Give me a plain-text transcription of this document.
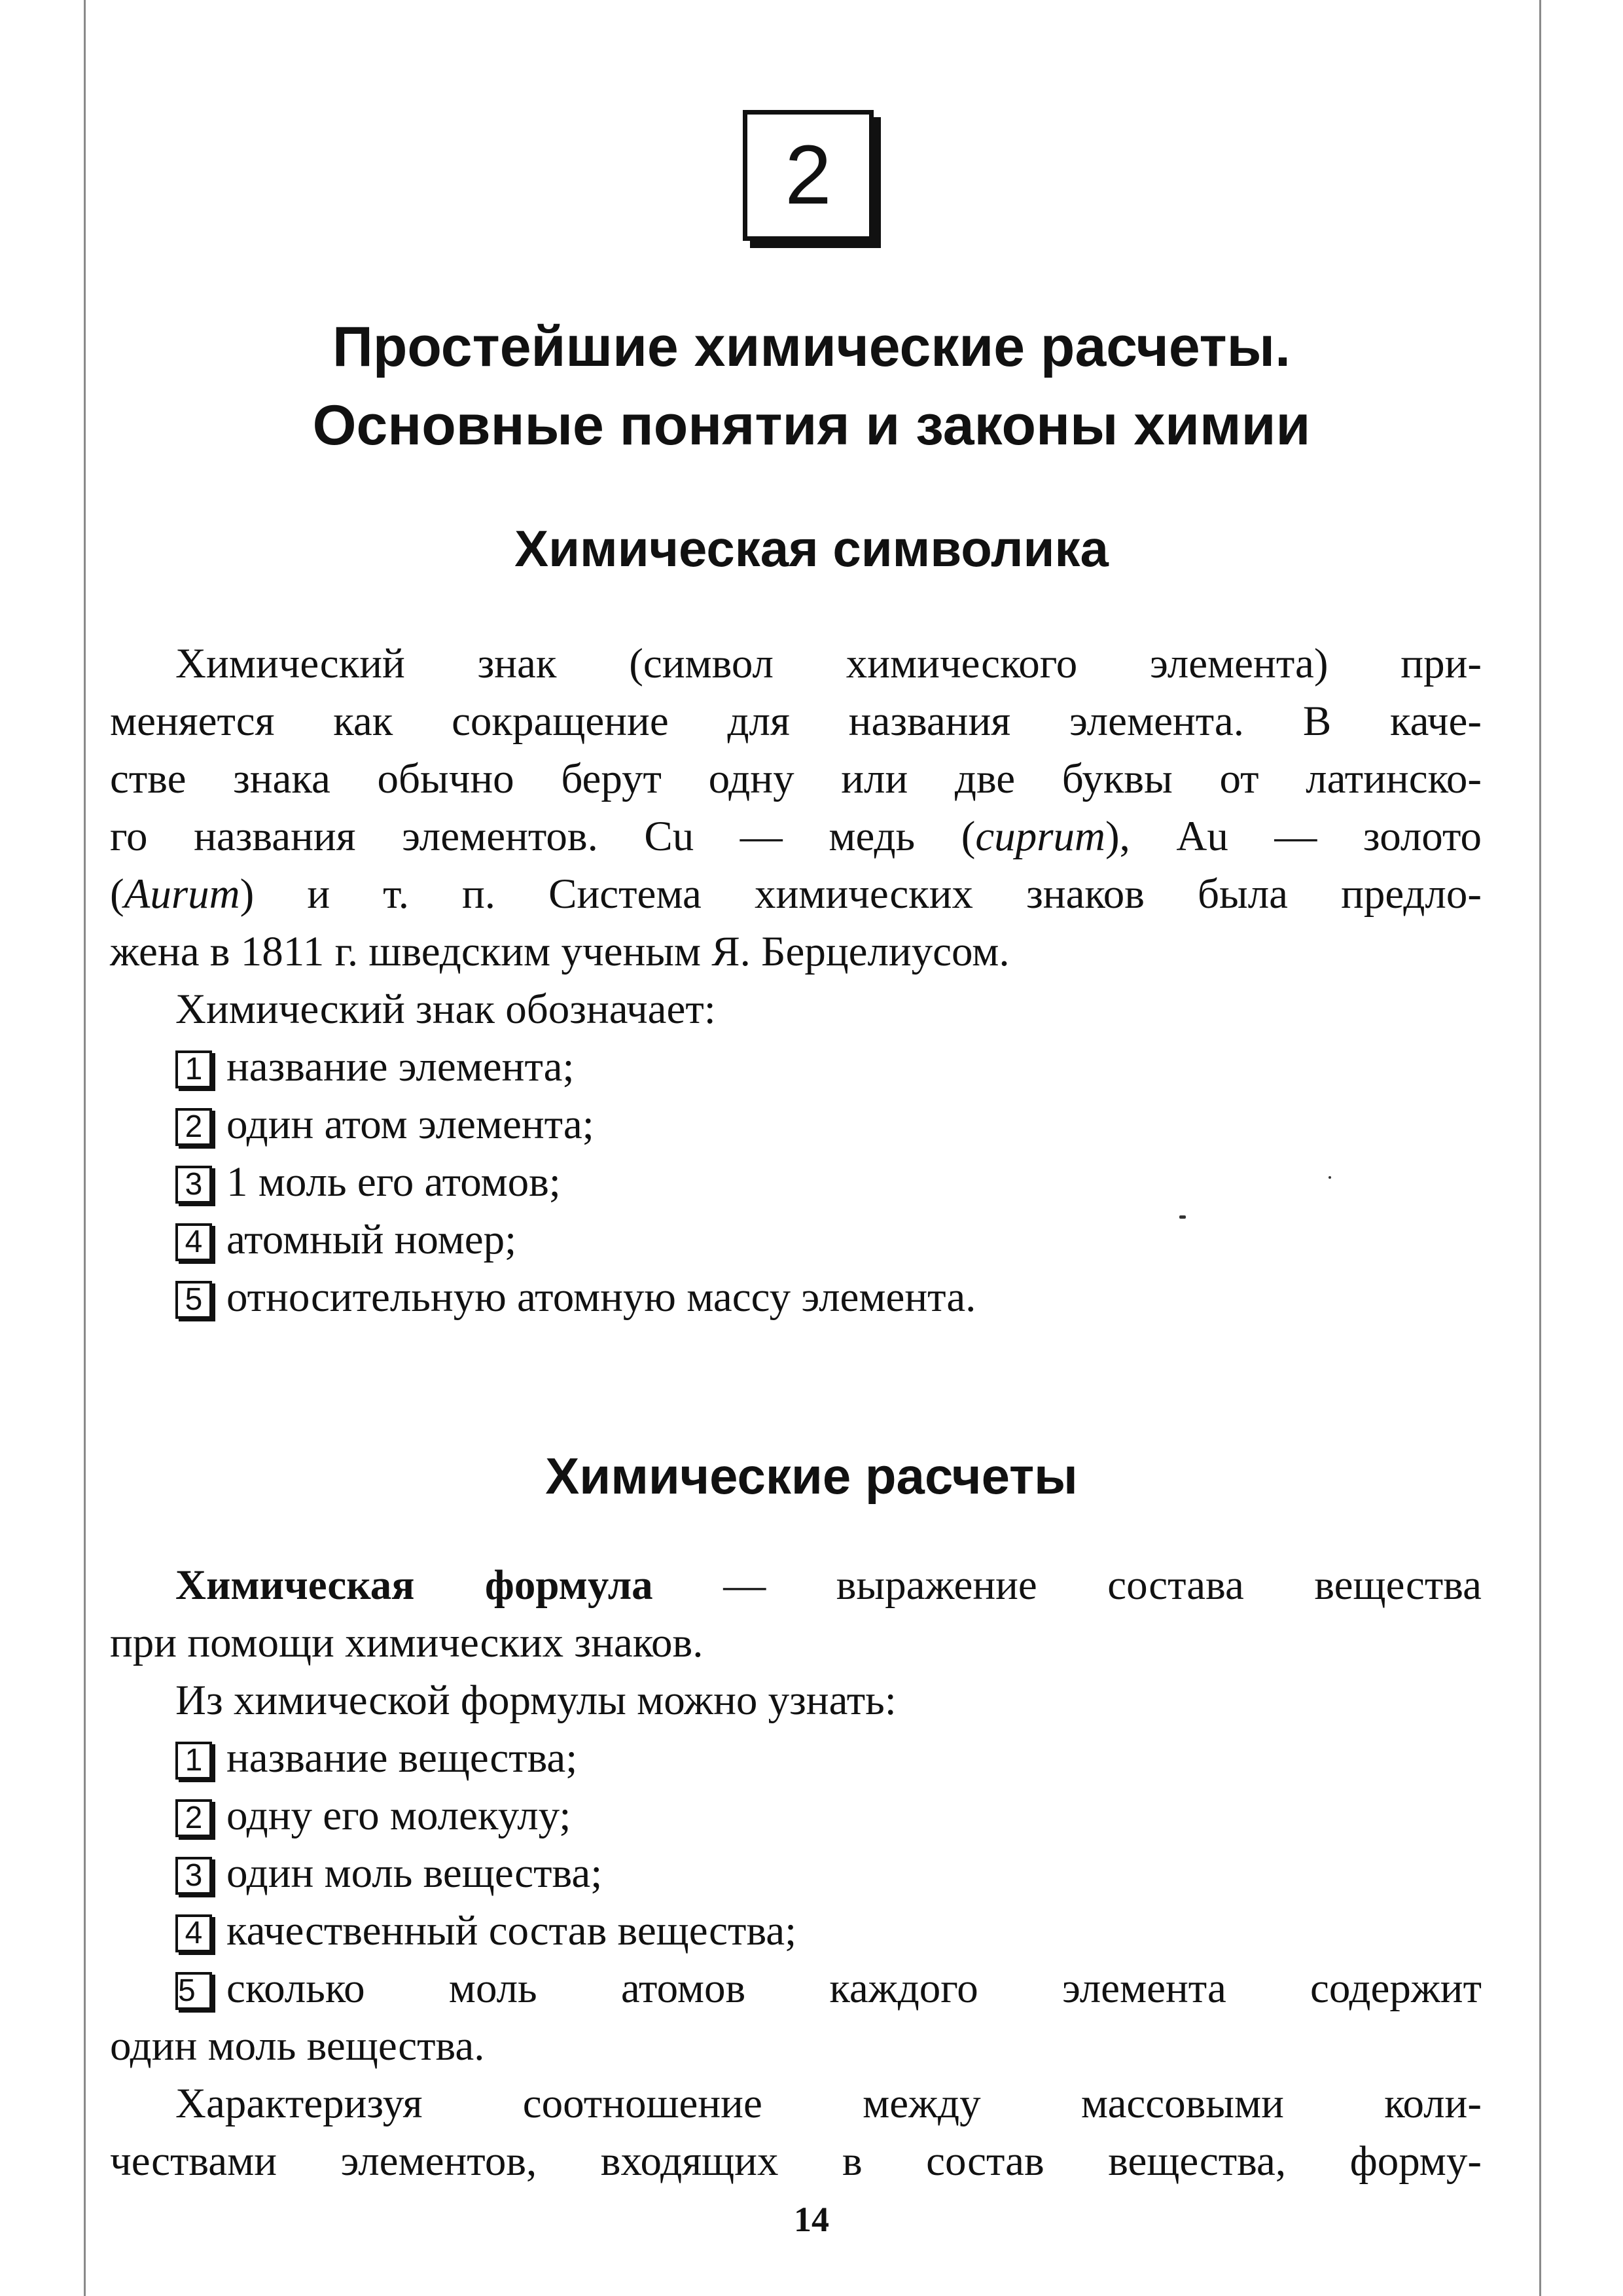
2
Простейшие химические расчеты.
Основные понятия и законы химии
Химическая символика
Химический знак (символ химического элемента) при-
меняется как сокращение для названия элемента. В каче-
стве знака обычно берут одну или две буквы от латинско-
го названия элементов. Cu — медь (cuprum), Au — золото
(Aurum) и т. п. Система химических знаков была предло-
жена в 1811 г. шведским ученым Я. Берцелиусом.
Химический знак обозначает:
1 название элемента;
2 один атом элемента;
3 1 моль его атомов;
4 атомный номер;
5 относительную атомную массу элемента.
Химические расчеты
Химическая формула — выражение состава вещества
при помощи химических знаков.
Из химической формулы можно узнать:
1 название вещества;
2 одну его молекулу;
3 один моль вещества;
4 качественный состав вещества;
5 сколько моль атомов каждого элемента содержит
один моль вещества.
Характеризуя соотношение между массовыми коли-
чествами элементов, входящих в состав вещества, форму-
14
